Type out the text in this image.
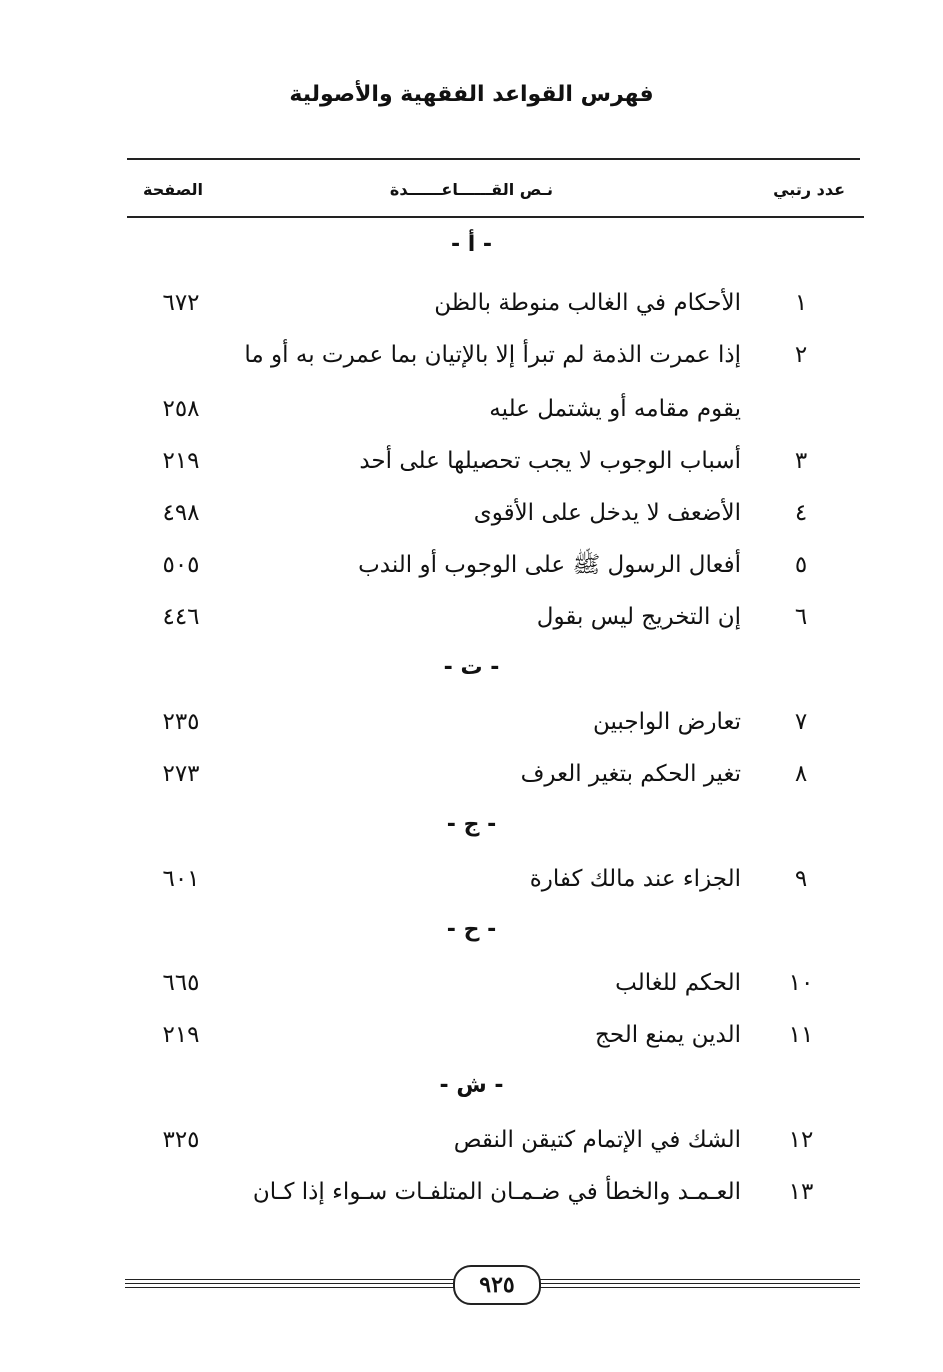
فهرس القواعد الفقهية والأصولية
عدد رتبي
نـص القــــــاعــــــدة
الصفحة
- أ -
١
الأحكام في الغالب منوطة بالظن
٦٧٢
٢
إذا عمرت الذمة لم تبرأ إلا بالإتيان بما عمرت به أو ما
يقوم مقامه أو يشتمل عليه
٢٥٨
٣
أسباب الوجوب لا يجب تحصيلها على أحد
٢١٩
٤
الأضعف لا يدخل على الأقوى
٤٩٨
٥
أفعال الرسول ﷺ على الوجوب أو الندب
٥٠٥
٦
إن التخريج ليس بقول
٤٤٦
- ت -
٧
تعارض الواجبين
٢٣٥
٨
تغير الحكم بتغير العرف
٢٧٣
- ج -
٩
الجزاء عند مالك كفارة
٦٠١
- ح -
١٠
الحكم للغالب
٦٦٥
١١
الدين يمنع الحج
٢١٩
- ش -
١٢
الشك في الإتمام كتيقن النقص
٣٢٥
١٣
العـمـد والخطأ في ضـمـان المتلفـات سـواء إذا كـان
٩٢٥
